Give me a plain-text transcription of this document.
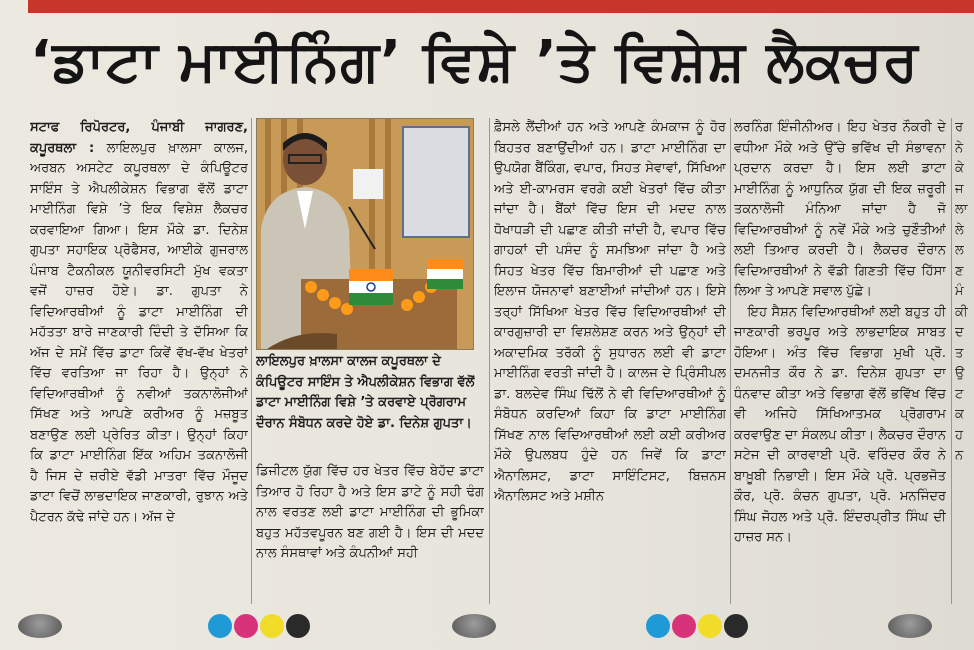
‘ਡਾਟਾ ਮਾਈਨਿੰਗ’ ਵਿਸ਼ੇ ’ਤੇ ਵਿਸ਼ੇਸ਼ ਲੈਕਚਰ
ਸਟਾਫ ਰਿਪੋਰਟਰ, ਪੰਜਾਬੀ ਜਾਗਰਣ, ਕਪੂਰਥਲਾ : ਲਾਇਲਪੁਰ ਖ਼ਾਲਸਾ ਕਾਲਜ, ਅਰਬਨ ਅਸਟੇਟ ਕਪੂਰਥਲਾ ਦੇ ਕੰਪਿਊਟਰ ਸਾਇੰਸ ਤੇ ਐਪਲੀਕੇਸ਼ਨ ਵਿਭਾਗ ਵੱਲੋਂ ਡਾਟਾ ਮਾਈਨਿੰਗ ਵਿਸ਼ੇ ’ਤੇ ਇਕ ਵਿਸ਼ੇਸ਼ ਲੈਕਚਰ ਕਰਵਾਇਆ ਗਿਆ। ਇਸ ਮੌਕੇ ਡਾ. ਦਿਨੇਸ਼ ਗੁਪਤਾ ਸਹਾਇਕ ਪ੍ਰੋਫੈਸਰ, ਆਈਕੇ ਗੁਜਰਾਲ ਪੰਜਾਬ ਟੈਕਨੀਕਲ ਯੂਨੀਵਰਸਿਟੀ ਮੁੱਖ ਵਕਤਾ ਵਜੋਂ ਹਾਜ਼ਰ ਹੋਏ। ਡਾ. ਗੁਪਤਾ ਨੇ ਵਿਦਿਆਰਥੀਆਂ ਨੂੰ ਡਾਟਾ ਮਾਈਨਿੰਗ ਦੀ ਮਹੱਤਤਾ ਬਾਰੇ ਜਾਣਕਾਰੀ ਦਿੰਦੀ ਤੇ ਦੱਸਿਆ ਕਿ ਅੱਜ ਦੇ ਸਮੇਂ ਵਿੱਚ ਡਾਟਾ ਕਿਵੇਂ ਵੱਖ-ਵੱਖ ਖੇਤਰਾਂ ਵਿੱਚ ਵਰਤਿਆ ਜਾ ਰਿਹਾ ਹੈ। ਉਨ੍ਹਾਂ ਨੇ ਵਿਦਿਆਰਥੀਆਂ ਨੂੰ ਨਵੀਆਂ ਤਕਨਾਲੋਜੀਆਂ ਸਿੱਖਣ ਅਤੇ ਆਪਣੇ ਕਰੀਅਰ ਨੂੰ ਮਜ਼ਬੂਤ ਬਣਾਉਣ ਲਈ ਪ੍ਰੇਰਿਤ ਕੀਤਾ। ਉਨ੍ਹਾਂ ਕਿਹਾ ਕਿ ਡਾਟਾ ਮਾਈਨਿੰਗ ਇੱਕ ਅਹਿਮ ਤਕਨਾਲੋਜੀ ਹੈ ਜਿਸ ਦੇ ਜ਼ਰੀਏ ਵੱਡੀ ਮਾਤਰਾ ਵਿੱਚ ਮੌਜੂਦ ਡਾਟਾ ਵਿਚੋਂ ਲਾਭਦਾਇਕ ਜਾਣਕਾਰੀ, ਰੁਝਾਨ ਅਤੇ ਪੈਟਰਨ ਕੱਢੇ ਜਾਂਦੇ ਹਨ। ਅੱਜ ਦੇ
ਲਾਇਲਪੁਰ ਖ਼ਾਲਸਾ ਕਾਲਜ ਕਪੂਰਥਲਾ ਦੇ ਕੰਪਿਊਟਰ ਸਾਇੰਸ ਤੇ ਐਪਲੀਕੇਸ਼ਨ ਵਿਭਾਗ ਵੱਲੋਂ ਡਾਟਾ ਮਾਈਨਿੰਗ ਵਿਸ਼ੇ ’ਤੇ ਕਰਵਾਏ ਪ੍ਰੋਗਰਾਮ ਦੌਰਾਨ ਸੰਬੋਧਨ ਕਰਦੇ ਹੋਏ ਡਾ. ਦਿਨੇਸ਼ ਗੁਪਤਾ।
ਡਿਜੀਟਲ ਯੁੱਗ ਵਿੱਚ ਹਰ ਖੇਤਰ ਵਿੱਚ ਬੇਹੱਦ ਡਾਟਾ ਤਿਆਰ ਹੋ ਰਿਹਾ ਹੈ ਅਤੇ ਇਸ ਡਾਟੇ ਨੂੰ ਸਹੀ ਢੰਗ ਨਾਲ ਵਰਤਣ ਲਈ ਡਾਟਾ ਮਾਈਨਿੰਗ ਦੀ ਭੂਮਿਕਾ ਬਹੁਤ ਮਹੱਤਵਪੂਰਨ ਬਣ ਗਈ ਹੈ। ਇਸ ਦੀ ਮਦਦ ਨਾਲ ਸੰਸਥਾਵਾਂ ਅਤੇ ਕੰਪਨੀਆਂ ਸਹੀ
ਫ਼ੈਸਲੇ ਲੈਂਦੀਆਂ ਹਨ ਅਤੇ ਆਪਣੇ ਕੰਮਕਾਜ ਨੂੰ ਹੋਰ ਬਿਹਤਰ ਬਣਾਉਂਦੀਆਂ ਹਨ। ਡਾਟਾ ਮਾਈਨਿੰਗ ਦਾ ਉਪਯੋਗ ਬੈਂਕਿੰਗ, ਵਪਾਰ, ਸਿਹਤ ਸੇਵਾਵਾਂ, ਸਿੱਖਿਆ ਅਤੇ ਈ-ਕਾਮਰਸ ਵਰਗੇ ਕਈ ਖੇਤਰਾਂ ਵਿੱਚ ਕੀਤਾ ਜਾਂਦਾ ਹੈ। ਬੈਂਕਾਂ ਵਿੱਚ ਇਸ ਦੀ ਮਦਦ ਨਾਲ ਧੋਖਾਧੜੀ ਦੀ ਪਛਾਣ ਕੀਤੀ ਜਾਂਦੀ ਹੈ, ਵਪਾਰ ਵਿੱਚ ਗਾਹਕਾਂ ਦੀ ਪਸੰਦ ਨੂੰ ਸਮਝਿਆ ਜਾਂਦਾ ਹੈ ਅਤੇ ਸਿਹਤ ਖੇਤਰ ਵਿੱਚ ਬਿਮਾਰੀਆਂ ਦੀ ਪਛਾਣ ਅਤੇ ਇਲਾਜ ਯੋਜਨਾਵਾਂ ਬਣਾਈਆਂ ਜਾਂਦੀਆਂ ਹਨ। ਇਸੇ ਤਰ੍ਹਾਂ ਸਿੱਖਿਆ ਖੇਤਰ ਵਿੱਚ ਵਿਦਿਆਰਥੀਆਂ ਦੀ ਕਾਰਗੁਜ਼ਾਰੀ ਦਾ ਵਿਸ਼ਲੇਸ਼ਣ ਕਰਨ ਅਤੇ ਉਨ੍ਹਾਂ ਦੀ ਅਕਾਦਮਿਕ ਤਰੱਕੀ ਨੂੰ ਸੁਧਾਰਨ ਲਈ ਵੀ ਡਾਟਾ ਮਾਈਨਿੰਗ ਵਰਤੀ ਜਾਂਦੀ ਹੈ। ਕਾਲਜ ਦੇ ਪ੍ਰਿੰਸੀਪਲ ਡਾ. ਬਲਦੇਵ ਸਿੰਘ ਢਿੱਲੋਂ ਨੇ ਵੀ ਵਿਦਿਆਰਥੀਆਂ ਨੂੰ ਸੰਬੋਧਨ ਕਰਦਿਆਂ ਕਿਹਾ ਕਿ ਡਾਟਾ ਮਾਈਨਿੰਗ ਸਿੱਖਣ ਨਾਲ ਵਿਦਿਆਰਥੀਆਂ ਲਈ ਕਈ ਕਰੀਅਰ ਮੌਕੇ ਉਪਲਬਧ ਹੁੰਦੇ ਹਨ ਜਿਵੇਂ ਕਿ ਡਾਟਾ ਐਨਾਲਿਸਟ, ਡਾਟਾ ਸਾਇੰਟਿਸਟ, ਬਿਜ਼ਨਸ ਐਨਾਲਿਸਟ ਅਤੇ ਮਸ਼ੀਨ
ਲਰਨਿੰਗ ਇੰਜੀਨੀਅਰ। ਇਹ ਖੇਤਰ ਨੌਕਰੀ ਦੇ ਵਧੀਆ ਮੌਕੇ ਅਤੇ ਉੱਚੇ ਭਵਿੱਖ ਦੀ ਸੰਭਾਵਨਾ ਪ੍ਰਦਾਨ ਕਰਦਾ ਹੈ। ਇਸ ਲਈ ਡਾਟਾ ਮਾਈਨਿੰਗ ਨੂੰ ਆਧੁਨਿਕ ਯੁੱਗ ਦੀ ਇਕ ਜ਼ਰੂਰੀ ਤਕਨਾਲੋਜੀ ਮੰਨਿਆ ਜਾਂਦਾ ਹੈ ਜੋ ਵਿਦਿਆਰਥੀਆਂ ਨੂੰ ਨਵੇਂ ਮੌਕੇ ਅਤੇ ਚੁਣੌਤੀਆਂ ਲਈ ਤਿਆਰ ਕਰਦੀ ਹੈ। ਲੈਕਚਰ ਦੌਰਾਨ ਵਿਦਿਆਰਥੀਆਂ ਨੇ ਵੱਡੀ ਗਿਣਤੀ ਵਿੱਚ ਹਿੱਸਾ ਲਿਆ ਤੇ ਆਪਣੇ ਸਵਾਲ ਪੁੱਛੇ।
ਇਹ ਸੈਸ਼ਨ ਵਿਦਿਆਰਥੀਆਂ ਲਈ ਬਹੁਤ ਹੀ ਜਾਣਕਾਰੀ ਭਰਪੂਰ ਅਤੇ ਲਾਭਦਾਇਕ ਸਾਬਤ ਹੋਇਆ। ਅੰਤ ਵਿੱਚ ਵਿਭਾਗ ਮੁਖੀ ਪ੍ਰੋ. ਦਮਨਜੀਤ ਕੌਰ ਨੇ ਡਾ. ਦਿਨੇਸ਼ ਗੁਪਤਾ ਦਾ ਧੰਨਵਾਦ ਕੀਤਾ ਅਤੇ ਵਿਭਾਗ ਵੱਲੋਂ ਭਵਿੱਖ ਵਿੱਚ ਵੀ ਅਜਿਹੇ ਸਿੱਖਿਆਤਮਕ ਪ੍ਰੋਗਰਾਮ ਕਰਵਾਉਣ ਦਾ ਸੰਕਲਪ ਕੀਤਾ। ਲੈਕਚਰ ਦੌਰਾਨ ਸਟੇਜ ਦੀ ਕਾਰਵਾਈ ਪ੍ਰੋ. ਵਰਿੰਦਰ ਕੌਰ ਨੇ ਬਾਖ਼ੂਬੀ ਨਿਭਾਈ। ਇਸ ਮੌਕੇ ਪ੍ਰੋ. ਪ੍ਰਭਜੋਤ ਕੌਰ, ਪ੍ਰੋ. ਕੰਚਨ ਗੁਪਤਾ, ਪ੍ਰੋ. ਮਨਜਿੰਦਰ ਸਿੰਘ ਜੋਹਲ ਅਤੇ ਪ੍ਰੋ. ਇੰਦਰਪ੍ਰੀਤ ਸਿੰਘ ਦੀ ਹਾਜ਼ਰ ਸਨ।
ਰ ਨੇ ਕੇ ਜ ਲਾ ਲੇ ਲ ਣ ਮੰ ਕੀ ਦ ਤ ਉ ਟ ਕ ਹ ਨ
